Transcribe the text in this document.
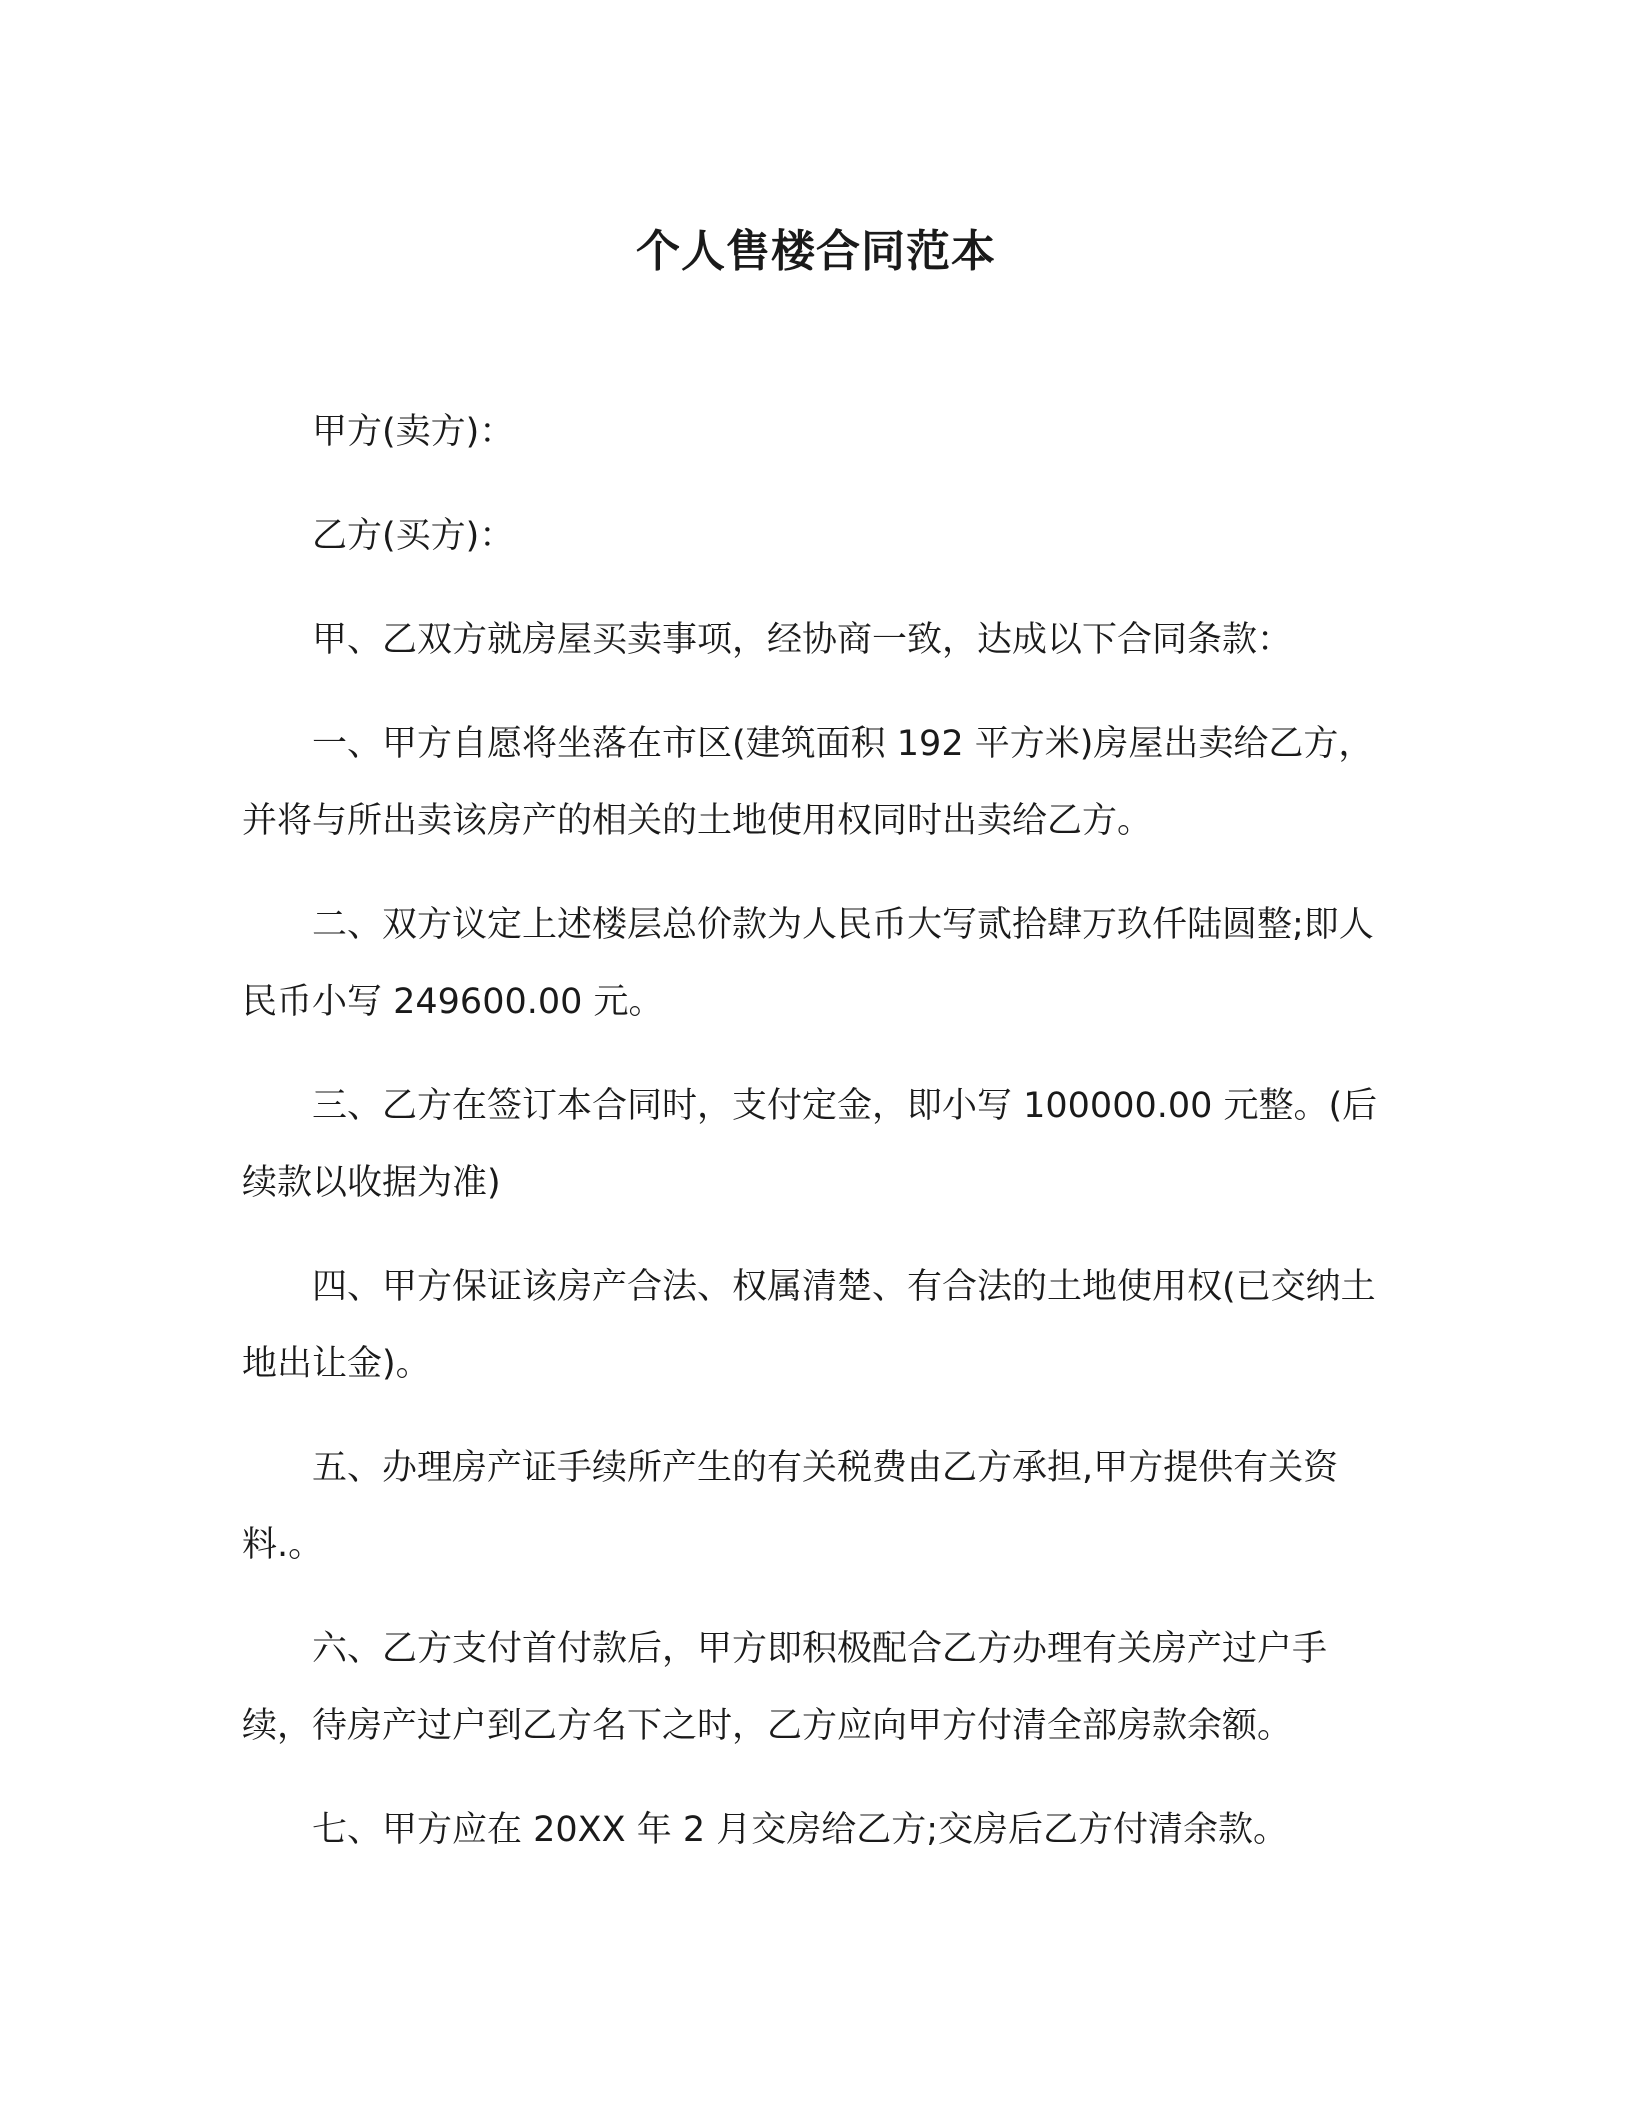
个人售楼合同范本

甲方(卖方)：

乙方(买方)：

甲、乙双方就房屋买卖事项，经协商一致，达成以下合同条款：

一、甲方自愿将坐落在市区(建筑面积 192 平方米)房屋出卖给乙方，并将与所出卖该房产的相关的土地使用权同时出卖给乙方。

二、双方议定上述楼层总价款为人民币大写贰拾肆万玖仟陆圆整;即人民币小写 249600.00 元。

三、乙方在签订本合同时，支付定金，即小写 100000.00 元整。(后续款以收据为准)

四、甲方保证该房产合法、权属清楚、有合法的土地使用权(已交纳土地出让金)。

五、办理房产证手续所产生的有关税费由乙方承担,甲方提供有关资料.。

六、乙方支付首付款后，甲方即积极配合乙方办理有关房产过户手续，待房产过户到乙方名下之时，乙方应向甲方付清全部房款余额。

七、甲方应在 20XX 年 2 月交房给乙方;交房后乙方付清余款。
